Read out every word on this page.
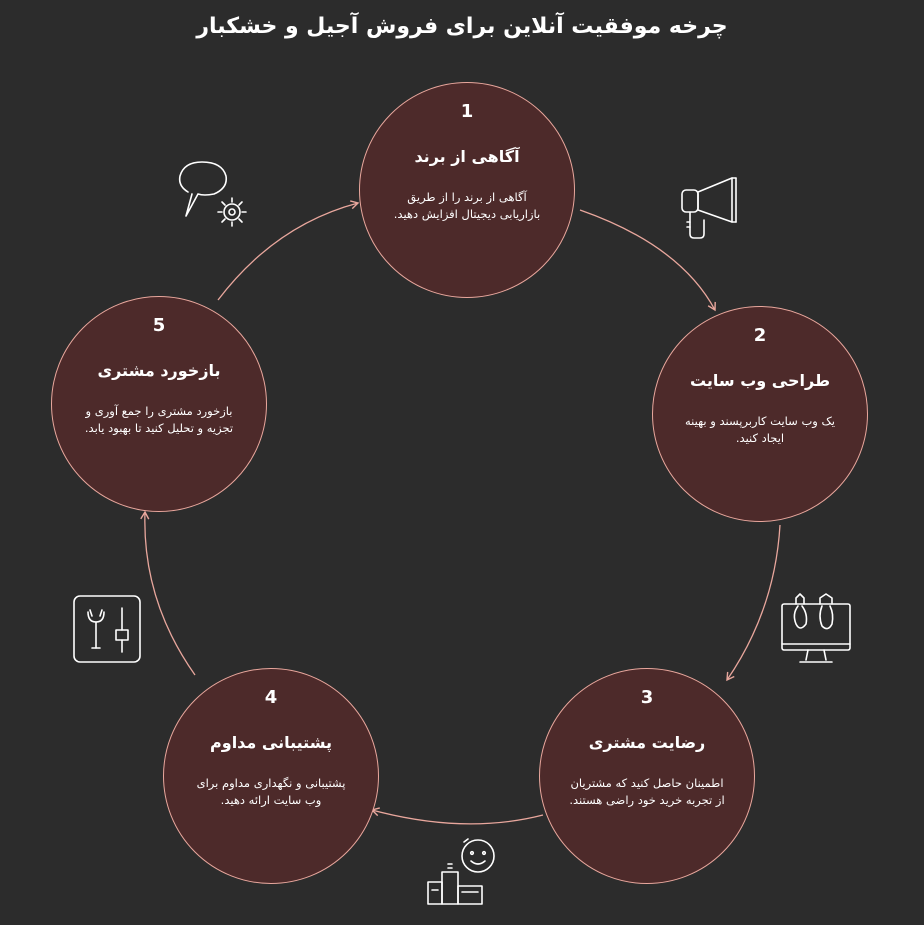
چرخه موفقیت آنلاین برای فروش آجیل و خشکبار
1
آگاهی از برند
آگاهی از برند را از طریق بازاریابی دیجیتال افزایش دهید.
2
طراحی وب سایت
یک وب سایت کاربرپسند و بهینه ایجاد کنید.
3
رضایت مشتری
اطمینان حاصل کنید که مشتریان از تجربه خرید خود راضی هستند.
4
پشتیبانی مداوم
پشتیبانی و نگهداری مداوم برای وب سایت ارائه دهید.
5
بازخورد مشتری
بازخورد مشتری را جمع آوری و تجزیه و تحلیل کنید تا بهبود یابد.
